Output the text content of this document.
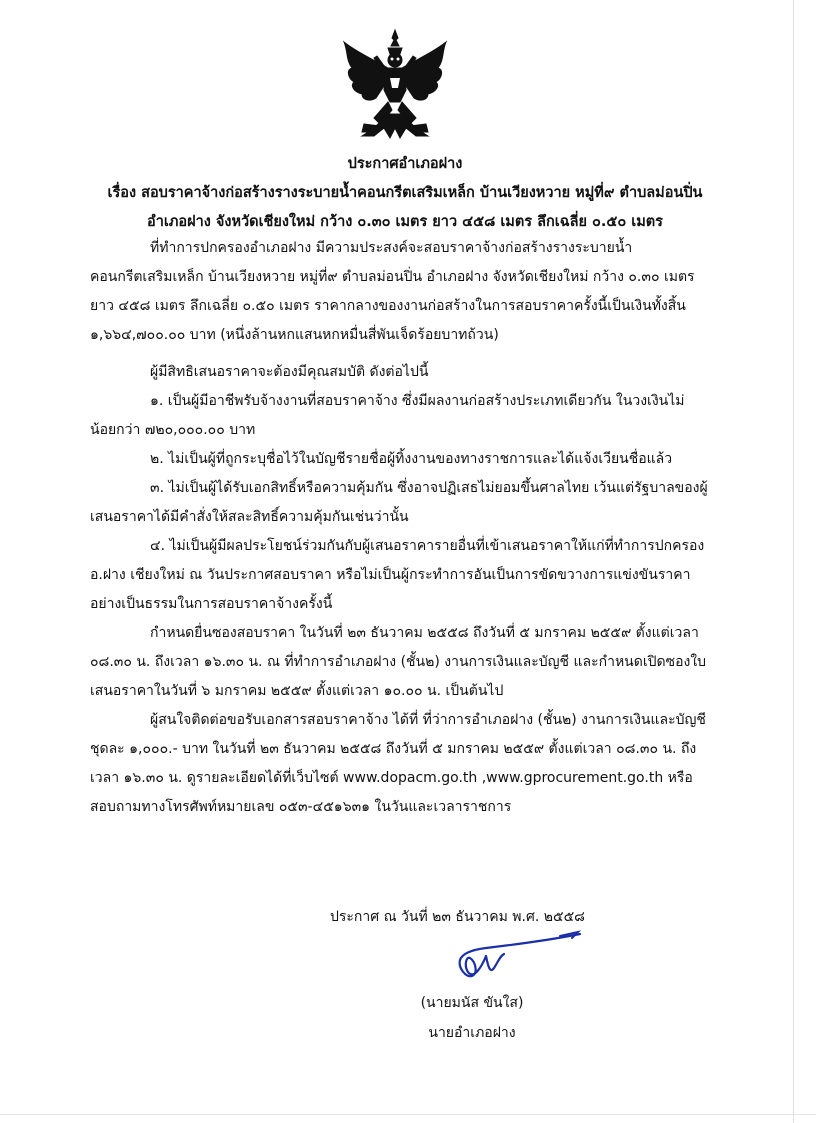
ประกาศอำเภอฝาง
เรื่อง สอบราคาจ้างก่อสร้างรางระบายน้ำคอนกรีตเสริมเหล็ก บ้านเวียงหวาย หมู่ที่๙ ตำบลม่อนปิ่น
อำเภอฝาง จังหวัดเชียงใหม่ กว้าง ๐.๓๐ เมตร ยาว ๔๕๘ เมตร ลึกเฉลี่ย ๐.๕๐ เมตร

ที่ทำการปกครองอำเภอฝาง มีความประสงค์จะสอบราคาจ้างก่อสร้างรางระบายน้ำคอนกรีตเสริมเหล็ก บ้านเวียงหวาย หมู่ที่๙ ตำบลม่อนปิ่น อำเภอฝาง จังหวัดเชียงใหม่ กว้าง ๐.๓๐ เมตร ยาว ๔๕๘ เมตร ลึกเฉลี่ย ๐.๕๐ เมตร ราคากลางของงานก่อสร้างในการสอบราคาครั้งนี้เป็นเงินทั้งสิ้น ๑,๖๖๔,๗๐๐.๐๐ บาท (หนึ่งล้านหกแสนหกหมื่นสี่พันเจ็ดร้อยบาทถ้วน)

ผู้มีสิทธิเสนอราคาจะต้องมีคุณสมบัติ ดังต่อไปนี้

๑. เป็นผู้มีอาชีพรับจ้างงานที่สอบราคาจ้าง ซึ่งมีผลงานก่อสร้างประเภทเดียวกัน ในวงเงินไม่น้อยกว่า ๗๒๐,๐๐๐.๐๐ บาท

๒. ไม่เป็นผู้ที่ถูกระบุชื่อไว้ในบัญชีรายชื่อผู้ทิ้งงานของทางราชการและได้แจ้งเวียนชื่อแล้ว

๓. ไม่เป็นผู้ได้รับเอกสิทธิ์หรือความคุ้มกัน ซึ่งอาจปฏิเสธไม่ยอมขึ้นศาลไทย เว้นแต่รัฐบาลของผู้เสนอราคาได้มีคำสั่งให้สละสิทธิ์ความคุ้มกันเช่นว่านั้น

๔. ไม่เป็นผู้มีผลประโยชน์ร่วมกันกับผู้เสนอราคารายอื่นที่เข้าเสนอราคาให้แก่ที่ทำการปกครอง อ.ฝาง เชียงใหม่ ณ วันประกาศสอบราคา หรือไม่เป็นผู้กระทำการอันเป็นการขัดขวางการแข่งขันราคาอย่างเป็นธรรมในการสอบราคาจ้างครั้งนี้

กำหนดยื่นซองสอบราคา ในวันที่ ๒๓ ธันวาคม ๒๕๕๘ ถึงวันที่ ๕ มกราคม ๒๕๕๙ ตั้งแต่เวลา ๐๘.๓๐ น. ถึงเวลา ๑๖.๓๐ น. ณ ที่ทำการอำเภอฝาง (ชั้น๒) งานการเงินและบัญชี และกำหนดเปิดซองใบเสนอราคาในวันที่ ๖ มกราคม ๒๕๕๙ ตั้งแต่เวลา ๑๐.๐๐ น. เป็นต้นไป

ผู้สนใจติดต่อขอรับเอกสารสอบราคาจ้าง ได้ที่ ที่ว่าการอำเภอฝาง (ชั้น๒) งานการเงินและบัญชี ชุดละ ๑,๐๐๐.- บาท ในวันที่ ๒๓ ธันวาคม ๒๕๕๘ ถึงวันที่ ๕ มกราคม ๒๕๕๙ ตั้งแต่เวลา ๐๘.๓๐ น. ถึงเวลา ๑๖.๓๐ น. ดูรายละเอียดได้ที่เว็บไซต์ www.dopacm.go.th ,www.gprocurement.go.th หรือสอบถามทางโทรศัพท์หมายเลข ๐๕๓-๔๕๑๖๓๑ ในวันและเวลาราชการ

ประกาศ ณ วันที่ ๒๓ ธันวาคม พ.ศ. ๒๕๕๘

(นายมนัส ขันใส)
นายอำเภอฝาง
